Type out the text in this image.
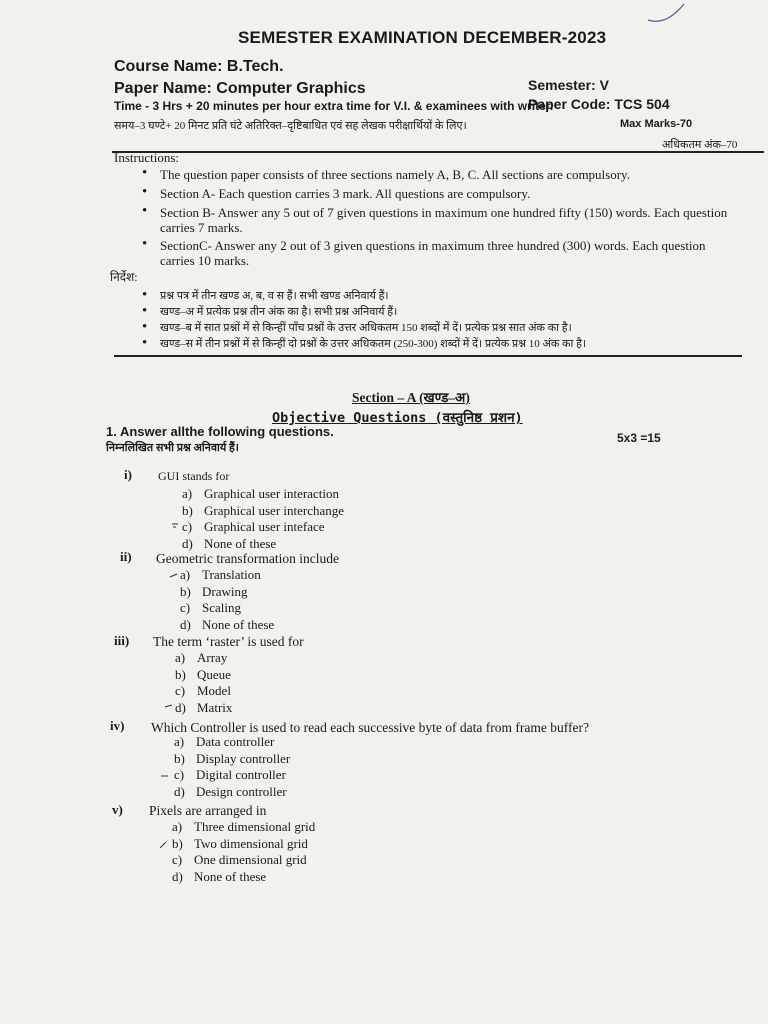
SEMESTER EXAMINATION DECEMBER-2023
Course Name: B.Tech.
Paper Name: Computer Graphics	Semester: V
Paper Code: TCS 504
Time - 3 Hrs + 20 minutes per hour extra time for V.I. & examinees with writer.
Max Marks-70
समय–3 घण्टे+ 20 मिनट प्रति घंटे अतिरिक्त–दृष्टिबाधित एवं सह लेखक परीक्षार्थियों के लिए।
अधिकतम अंक–70
Instructions:
• The question paper consists of three sections namely A, B, C. All sections are compulsory.
• Section A- Each question carries 3 mark. All questions are compulsory.
• Section B- Answer any 5 out of 7 given questions in maximum one hundred fifty (150) words. Each question carries 7 marks.
• SectionC- Answer any 2 out of 3 given questions in maximum three hundred (300) words. Each question carries 10 marks.
निर्देश:
• प्रश्न पत्र में तीन खण्ड अ, ब, व स हैं। सभी खण्ड अनिवार्य हैं।
• खण्ड–अ में प्रत्येक प्रश्न तीन अंक का है। सभी प्रश्न अनिवार्य हैं।
• खण्ड–ब में सात प्रश्नों में से किन्हीं पाँच प्रश्नों के उत्तर अधिकतम 150 शब्दों में दें। प्रत्येक प्रश्न सात अंक का है।
• खण्ड–स में तीन प्रश्नों में से किन्हीं दो प्रश्नों के उत्तर अधिकतम (250-300) शब्दों में दें। प्रत्येक प्रश्न 10 अंक का है।
Section – A (खण्ड–अ)
Objective Questions (वस्तुनिष्ठ प्रशन)
1. Answer allthe following questions.
निम्नलिखित सभी प्रश्न अनिवार्य हैं।
5x3 =15
i) GUI stands for
a) Graphical user interaction
b) Graphical user interchange
c) Graphical user inteface
d) None of these
ii) Geometric transformation include
a) Translation
b) Drawing
c) Scaling
d) None of these
iii) The term ‘raster’ is used for
a) Array
b) Queue
c) Model
d) Matrix
iv) Which Controller is used to read each successive byte of data from frame buffer?
a) Data controller
b) Display controller
c) Digital controller
d) Design controller
v) Pixels are arranged in
a) Three dimensional grid
b) Two dimensional grid
c) One dimensional grid
d) None of these
